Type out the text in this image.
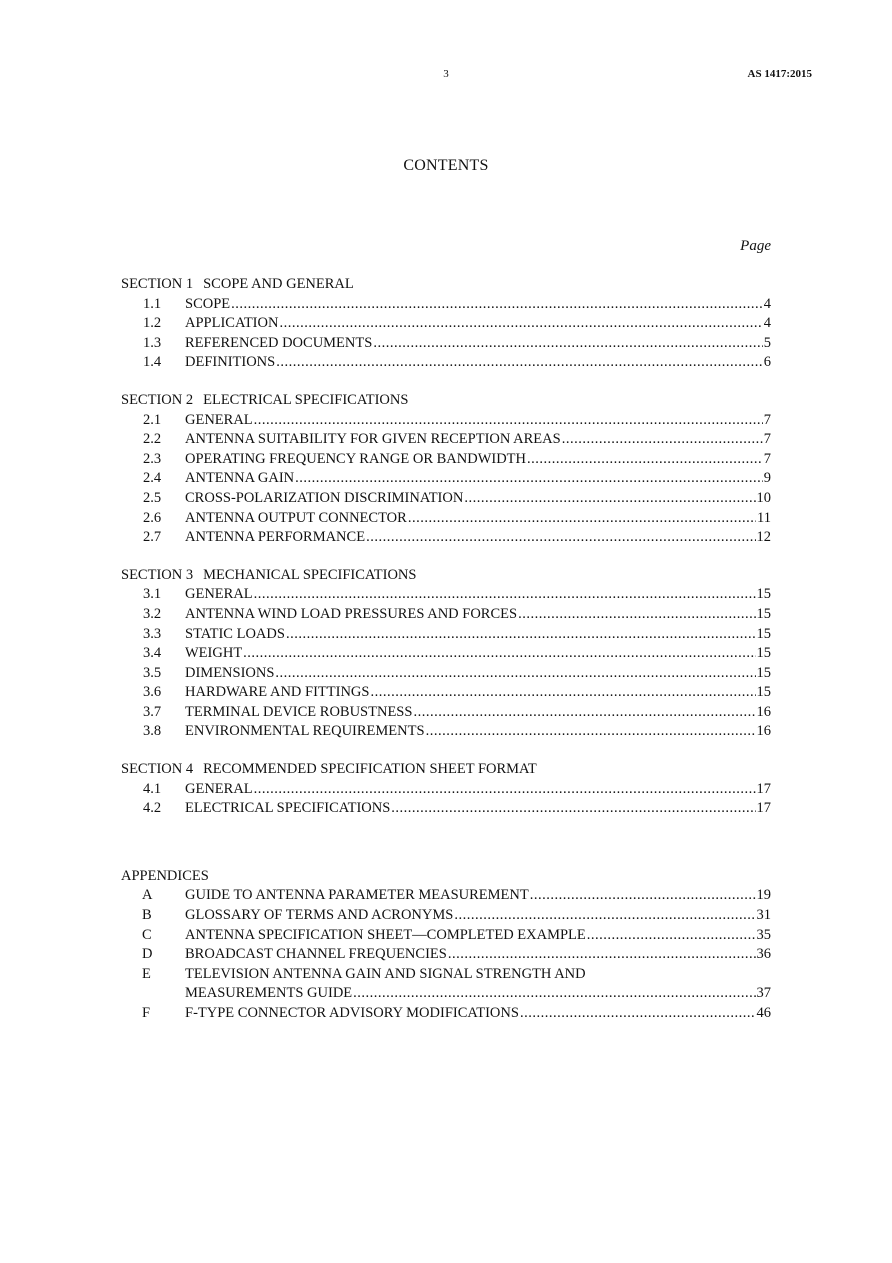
3	AS 1417:2015
CONTENTS
Page
SECTION 1 SCOPE AND GENERAL
1.1	SCOPE .....	4
1.2	APPLICATION .....	4
1.3	REFERENCED DOCUMENTS .....	5
1.4	DEFINITIONS .....	6
SECTION 2 ELECTRICAL SPECIFICATIONS
2.1	GENERAL .....	7
2.2	ANTENNA SUITABILITY FOR GIVEN RECEPTION AREAS .....	7
2.3	OPERATING FREQUENCY RANGE OR BANDWIDTH .....	7
2.4	ANTENNA GAIN .....	9
2.5	CROSS-POLARIZATION DISCRIMINATION .....	10
2.6	ANTENNA OUTPUT CONNECTOR .....	11
2.7	ANTENNA PERFORMANCE .....	12
SECTION 3 MECHANICAL SPECIFICATIONS
3.1	GENERAL .....	15
3.2	ANTENNA WIND LOAD PRESSURES AND FORCES .....	15
3.3	STATIC LOADS .....	15
3.4	WEIGHT .....	15
3.5	DIMENSIONS .....	15
3.6	HARDWARE AND FITTINGS .....	15
3.7	TERMINAL DEVICE ROBUSTNESS .....	16
3.8	ENVIRONMENTAL REQUIREMENTS .....	16
SECTION 4 RECOMMENDED SPECIFICATION SHEET FORMAT
4.1	GENERAL .....	17
4.2	ELECTRICAL SPECIFICATIONS .....	17
APPENDICES
A	GUIDE TO ANTENNA PARAMETER MEASUREMENT .....	19
B	GLOSSARY OF TERMS AND ACRONYMS .....	31
C	ANTENNA SPECIFICATION SHEET—COMPLETED EXAMPLE .....	35
D	BROADCAST CHANNEL FREQUENCIES .....	36
E	TELEVISION ANTENNA GAIN AND SIGNAL STRENGTH AND
MEASUREMENTS GUIDE .....	37
F	F-TYPE CONNECTOR ADVISORY MODIFICATIONS .....	46
